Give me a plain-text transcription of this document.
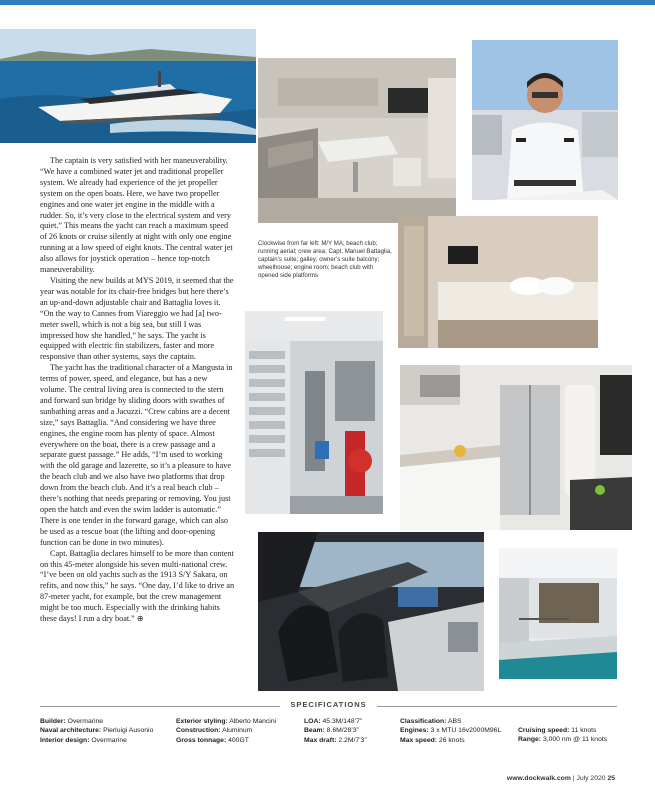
The captain is very satisfied with her maneuverability. “We have a combined water jet and traditional propeller system. We already had experience of the jet propeller system on the open boats. Here, we have two propeller engines and one water jet engine in the middle with a rudder. So, it’s very close to the electrical system and very quiet.” This means the yacht can reach a maximum speed of 26 knots or cruise silently at night with only one engine running at a low speed of eight knots. The central water jet also allows for joystick operation – hence top-notch maneuverability.

Visiting the new builds at MYS 2019, it seemed that the year was notable for its chair-free bridges but here there’s an up-and-down adjustable chair and Battaglia loves it. “On the way to Cannes from Viareggio we had [a] two-meter swell, which is not a big sea, but still I was impressed how she handled,” he says. The yacht is equipped with electric fin stabilizers, faster and more responsive than other systems, says the captain.

The yacht has the traditional character of a Mangusta in terms of power, speed, and elegance, but has a new volume. The central living area is connected to the stern and forward sun bridge by sliding doors with swathes of sunbathing areas and a Jacuzzi. “Crew cabins are a decent size,” says Battaglia. “And considering we have three engines, the engine room has plenty of space. Almost everywhere on the boat, there is a crew passage and a separate guest passage.” He adds, “I’m used to working with the old garage and lazerette, so it’s a pleasure to have the beach club and we also have two platforms that drop down from the beach club. And it’s a real beach club – there’s nothing that needs preparing or removing. You just open the hatch and even the swim ladder is automatic.” There is one tender in the forward garage, which can also be used as a rescue boat (the lifting and door-opening function can be done in two minutes).

Capt. Battaglia declares himself to be more than content on this 45-meter alongside his seven multi-national crew. “I’ve been on old yachts such as the 1913 S/Y Sakara, on refits, and now this,” he says. “One day, I’d like to drive an 87-meter yacht, for example, but the crew management might be too much. Especially with the drinking habits these days! I run a dry boat.” ⊕

Clockwise from far left: M/Y MA; beach club; running aerial; crew area; Capt. Manuel Battaglia, captain’s suite; galley; owner’s suite balcony; wheelhouse; engine room; beach club with opened side platforms
SPECIFICATIONS
Builder: Overmarine
Naval architecture: Pierluigi Ausonio
Interior design: Overmarine
Exterior styling: Alberto Mancini
Construction: Aluminum
Gross tonnage: 400GT
LOA: 45.3M/148’7”
Beam: 8.6M/28’3”
Max draft: 2.2M/7’3”
Classification: ABS
Engines: 3 x MTU 16v2000M96L
Max speed: 26 knots
Cruising speed: 11 knots
Range: 3,000 nm @ 11 knots
www.dockwalk.com | July 2020 25
